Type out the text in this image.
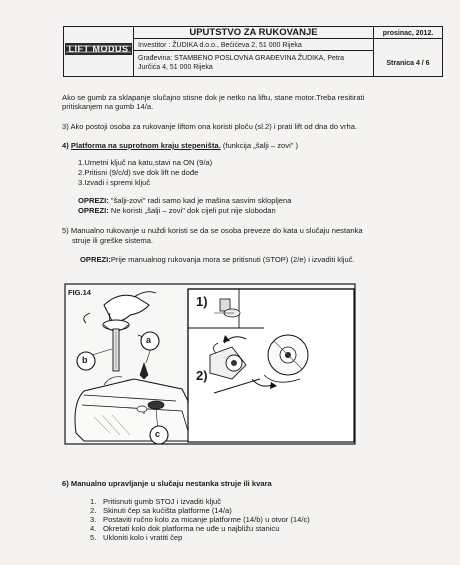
LIFT MODUS
UPUTSTVO ZA RUKOVANJE	prosinac, 2012.
Investitor : ŽUDIKA d.o.o., Bećićeva 2, 51 000 Rijeka
Građevina: STAMBENO POSLOVNA GRAĐEVINA ŽUDIKA, Petra
Jurčića 4, 51 000 Rijeka
Stranica 4 / 6
Ako se gumb za sklapanje slučajno stisne dok je netko na liftu, stane motor.Treba resitirati
pritiskanjem na gumb 14/a.
3) Ako postoji osoba za rukovanje liftom ona koristi ploču (sl.2) i prati lift od dna do vrha.
4) Platforma na suprotnom kraju stepeništa. (funkcija „šalji – zovi" )
1.Umetni ključ na katu,stavi na ON (9/a)
2.Pritisni (9/c/d) sve dok lift ne dođe
3.Izvadi i spremi ključ
OPREZI: "šalji-zovi" radi samo kad je mašina sasvim sklopljena
OPREZI: Ne koristi „šalji – zovi" dok cijeli put nije slobodan
5) Manualno rukovanje u nuždi koristi se da se osoba preveze do kata u slučaju nestanka
struje ili greške sistema.
OPREZI:Prije manualnog rukovanja mora se pritisnuti (STOP) (2/e) i izvaditi ključ.
FIG.14
a
b
c
1)
2)
6) Manualno upravljanje u slučaju nestanka struje ili kvara
1. Pritisnuti gumb STOJ i izvaditi ključ
2. Skinuti čep sa kućišta platforme (14/a)
3. Postaviti ručno kolo za micanje platforme (14/b) u otvor (14/c)
4. Okretati kolo dok platforma ne uđe u najbližu stanicu
5. Ukloniti kolo i vratiti čep
